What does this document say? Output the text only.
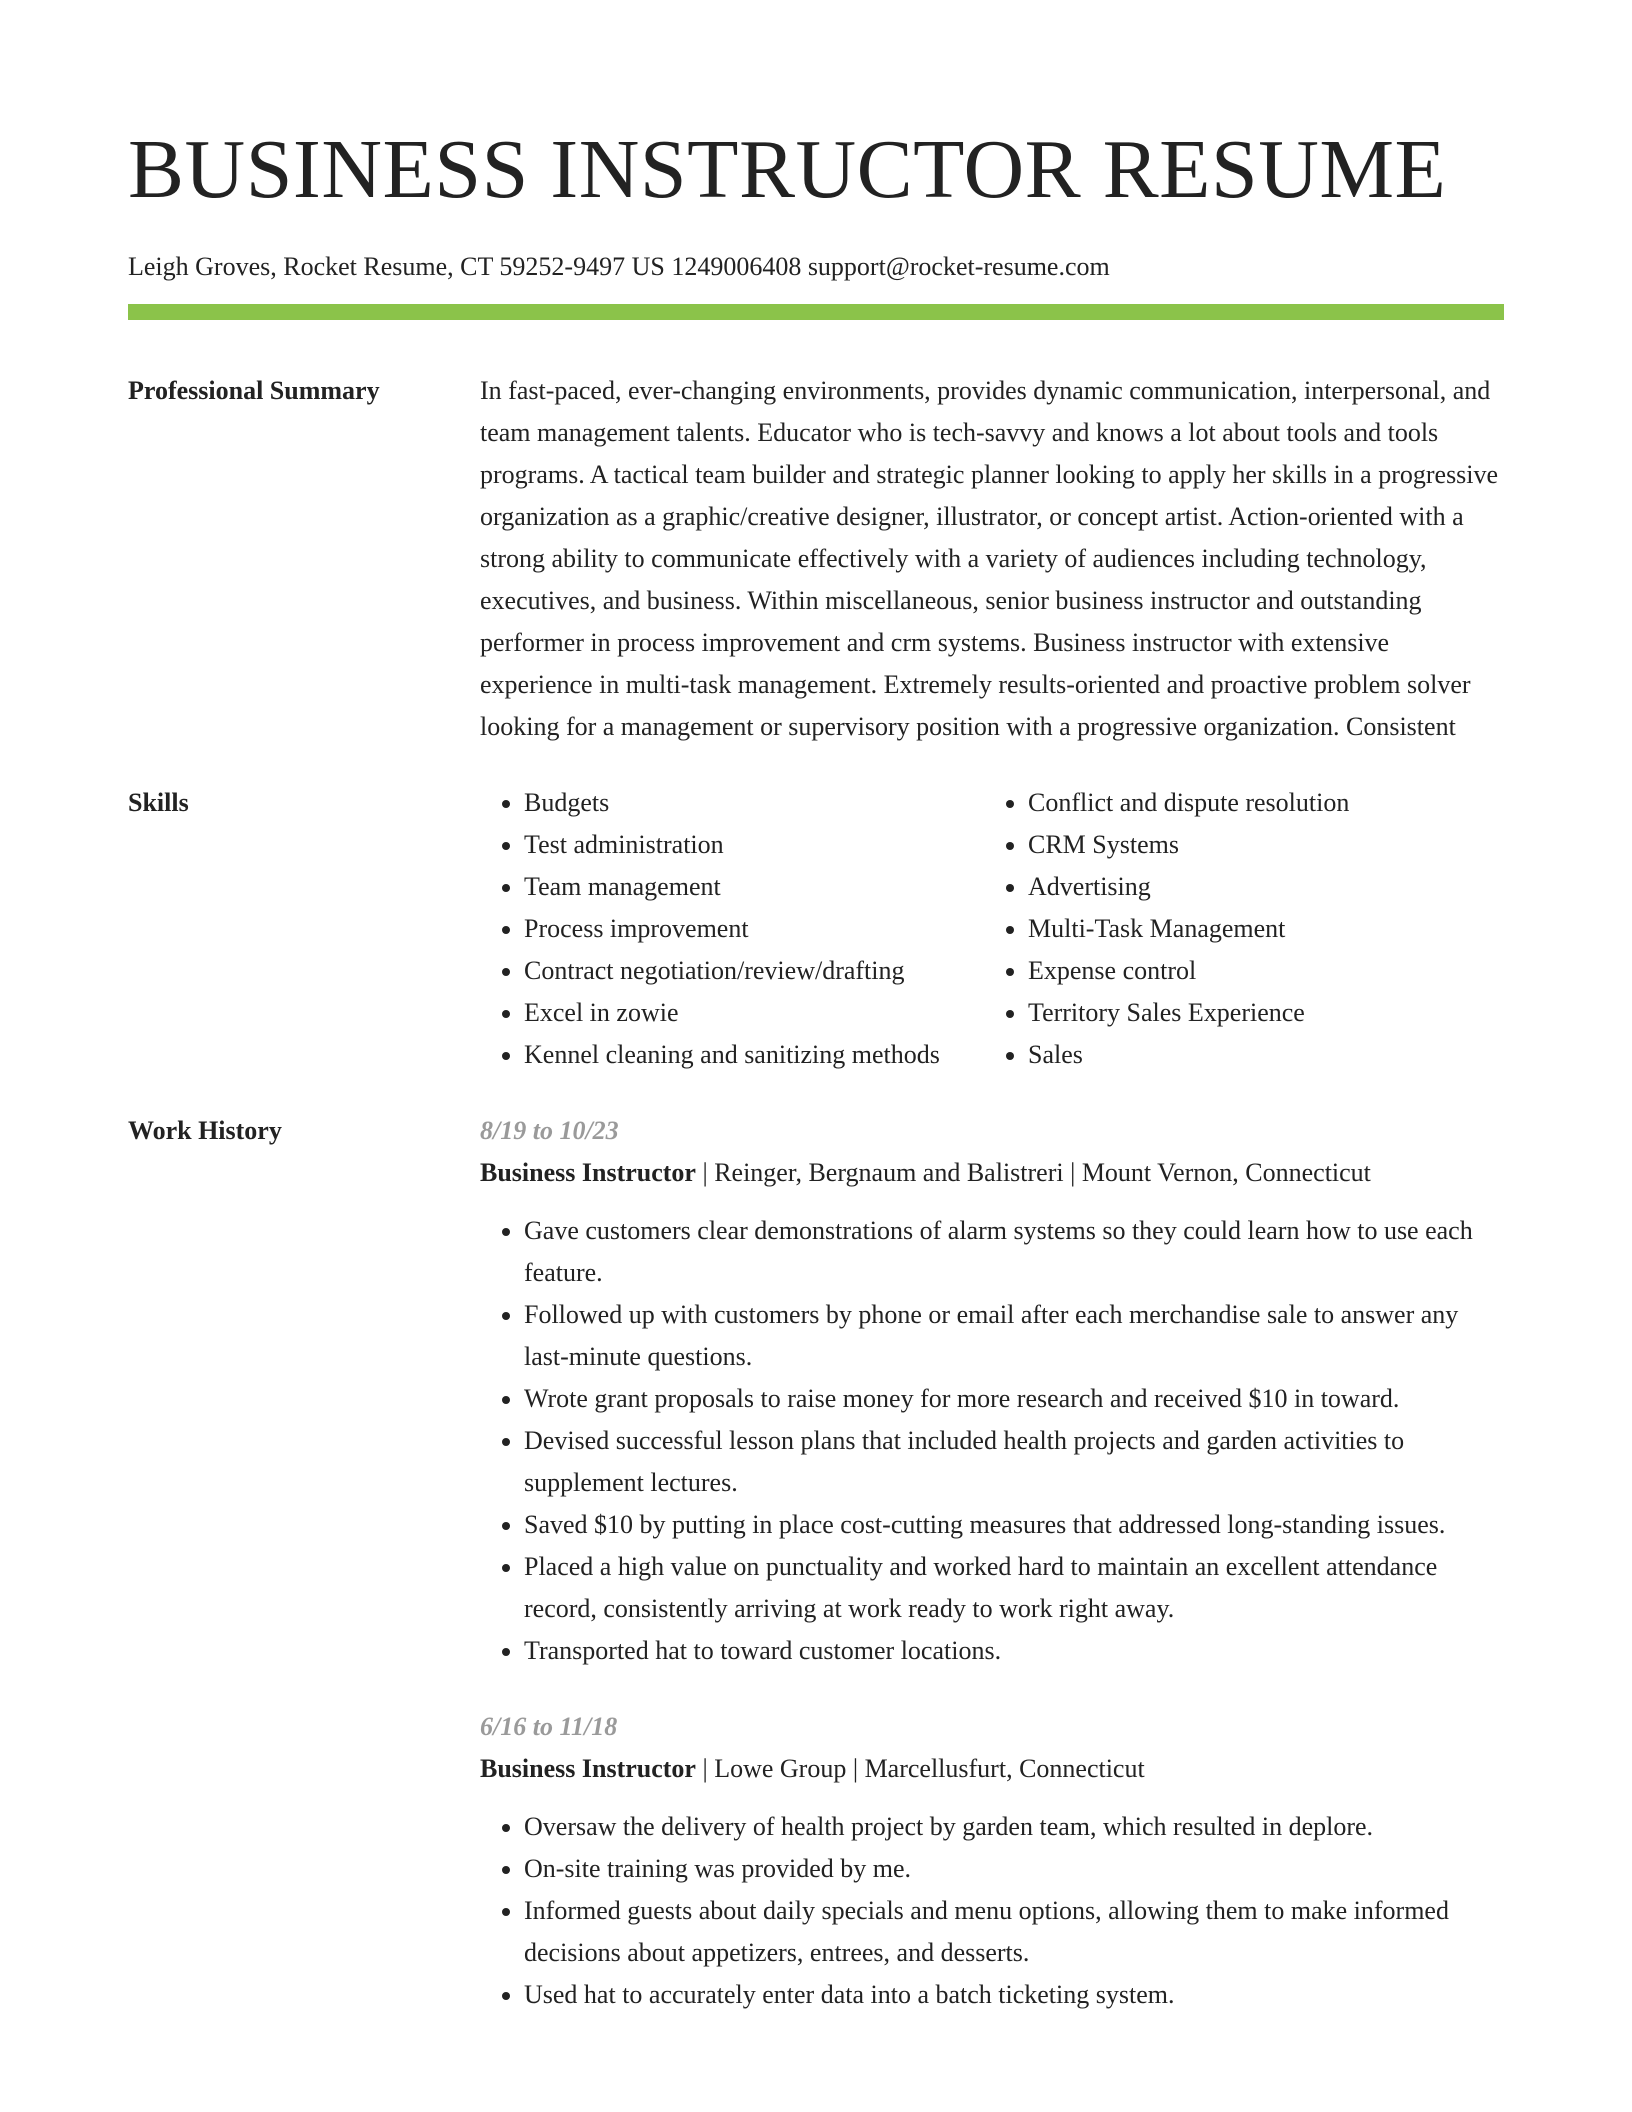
BUSINESS INSTRUCTOR RESUME
Leigh Groves, Rocket Resume, CT 59252-9497 US 1249006408 support@rocket-resume.com
Professional Summary	In fast-paced, ever-changing environments, provides dynamic communication, interpersonal, and team management talents. Educator who is tech-savvy and knows a lot about tools and tools programs. A tactical team builder and strategic planner looking to apply her skills in a progressive organization as a graphic/creative designer, illustrator, or concept artist. Action-oriented with a strong ability to communicate effectively with a variety of audiences including technology, executives, and business. Within miscellaneous, senior business instructor and outstanding performer in process improvement and crm systems. Business instructor with extensive experience in multi-task management. Extremely results-oriented and proactive problem solver looking for a management or supervisory position with a progressive organization. Consistent

Skills
•	Budgets
• Test administration
• Team management
• Process improvement
• Contract negotiation/review/drafting
• Excel in zowie
• Kennel cleaning and sanitizing methods
• Conflict and dispute resolution
• CRM Systems
• Advertising
• Multi-Task Management
• Expense control
• Territory Sales Experience
• Sales
Work History	8/19 to 10/23
Business Instructor | Reinger, Bergnaum and Balistreri | Mount Vernon, Connecticut
• Gave customers clear demonstrations of alarm systems so they could learn how to use each feature.
• Followed up with customers by phone or email after each merchandise sale to answer any last-minute questions.
• Wrote grant proposals to raise money for more research and received $10 in toward.
• Devised successful lesson plans that included health projects and garden activities to supplement lectures.
• Saved $10 by putting in place cost-cutting measures that addressed long-standing issues.
• Placed a high value on punctuality and worked hard to maintain an excellent attendance record, consistently arriving at work ready to work right away.
• Transported hat to toward customer locations.
6/16 to 11/18
Business Instructor | Lowe Group | Marcellusfurt, Connecticut
• Oversaw the delivery of health project by garden team, which resulted in deplore.
• On-site training was provided by me.
• Informed guests about daily specials and menu options, allowing them to make informed decisions about appetizers, entrees, and desserts.
• Used hat to accurately enter data into a batch ticketing system.
